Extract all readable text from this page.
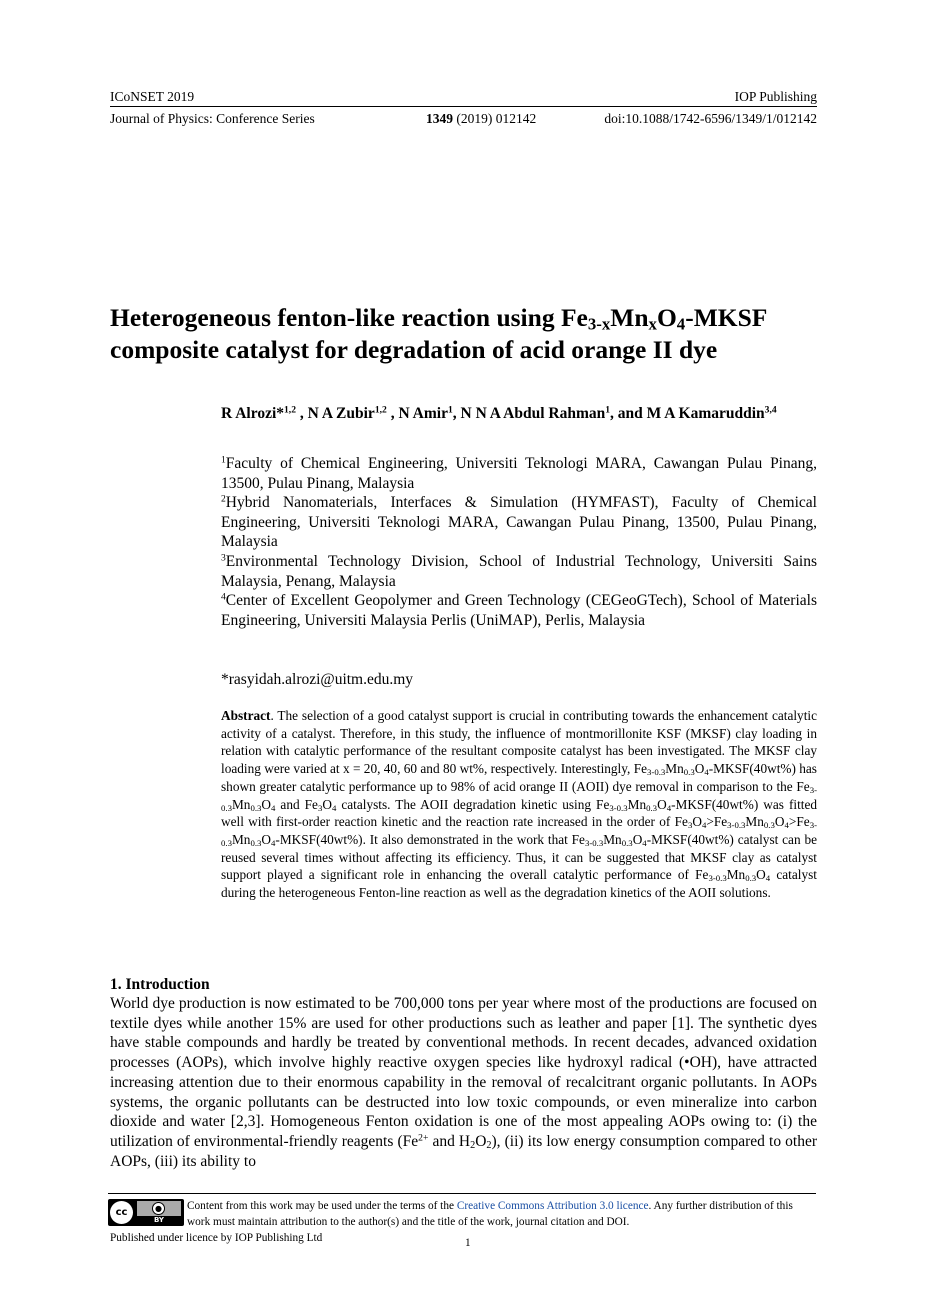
ICoNSET 2019	IOP Publishing
Journal of Physics: Conference Series	1349 (2019) 012142	doi:10.1088/1742-6596/1349/1/012142
Heterogeneous fenton-like reaction using $Fe_{3-x}Mn_xO_4$-MKSF composite catalyst for degradation of acid orange II dye
R Alrozi*$^{1,2}$ , N A Zubir$^{1,2}$ , N Amir$^1$, N N A Abdul Rahman$^1$, and M A Kamaruddin$^{3,4}$

$^1$Faculty of Chemical Engineering, Universiti Teknologi MARA, Cawangan Pulau Pinang, 13500, Pulau Pinang, Malaysia

$^2$Hybrid Nanomaterials, Interfaces & Simulation (HYMFAST), Faculty of Chemical Engineering, Universiti Teknologi MARA, Cawangan Pulau Pinang, 13500, Pulau Pinang, Malaysia

$^3$Environmental Technology Division, School of Industrial Technology, Universiti Sains Malaysia, Penang, Malaysia

$^4$Center of Excellent Geopolymer and Green Technology (CEGeoGTech), School of Materials Engineering, Universiti Malaysia Perlis (UniMAP), Perlis, Malaysia

*rasyidah.alrozi@uitm.edu.my

Abstract. The selection of a good catalyst support is crucial in contributing towards the enhancement catalytic activity of a catalyst. Therefore, in this study, the influence of montmorillonite KSF (MKSF) clay loading in relation with catalytic performance of the resultant composite catalyst has been investigated. The MKSF clay loading were varied at x = 20, 40, 60 and 80 wt%, respectively. Interestingly, $Fe_{3-0.3}Mn_{0.3}O_4-MKSF(40wt\%)$ has shown greater catalytic performance up to 98% of acid orange II (AOII) dye removal in comparison to the $Fe_{3-0.3}Mn_{0.3}O_4$ and $Fe_3O_4$ catalysts. The AOII degradation kinetic using $Fe_{3-0.3}Mn_{0.3}O_4-MKSF(40wt\%)$ was fitted well with first-order reaction kinetic and the reaction rate increased in the order of $Fe_3O_4>Fe_{3-0.3}Mn_{0.3}O_4>Fe_{3-0.3}Mn_{0.3}O_4-MKSF(40wt\%)$. It also demonstrated in the work that $Fe_{3-0.3}Mn_{0.3}O_4-MKSF(40wt\%)$ catalyst can be reused several times without affecting its efficiency. Thus, it can be suggested that MKSF clay as catalyst support played a significant role in enhancing the overall catalytic performance of $Fe_{3-0.3}Mn_{0.3}O_4$ catalyst during the heterogeneous Fenton-line reaction as well as the degradation kinetics of the AOII solutions.

1. Introduction

World dye production is now estimated to be 700,000 tons per year where most of the productions are focused on textile dyes while another 15% are used for other productions such as leather and paper [1]. The synthetic dyes have stable compounds and hardly be treated by conventional methods. In recent decades, advanced oxidation processes (AOPs), which involve highly reactive oxygen species like hydroxyl radical (•OH), have attracted increasing attention due to their enormous capability in the removal of recalcitrant organic pollutants. In AOPs systems, the organic pollutants can be destructed into low toxic compounds, or even mineralize into carbon dioxide and water [2,3]. Homogeneous Fenton oxidation is one of the most appealing AOPs owing to: (i) the utilization of environmental-friendly reagents ($Fe^{2+}$ and $H_2O_2$), (ii) its low energy consumption compared to other AOPs, (iii) its ability to

cc	●
BY
Content from this work may be used under the terms of the Creative Commons Attribution 3.0 licence. Any further distribution of this work must maintain attribution to the author(s) and the title of the work, journal citation and DOI.
Published under licence by IOP Publishing Ltd	1
